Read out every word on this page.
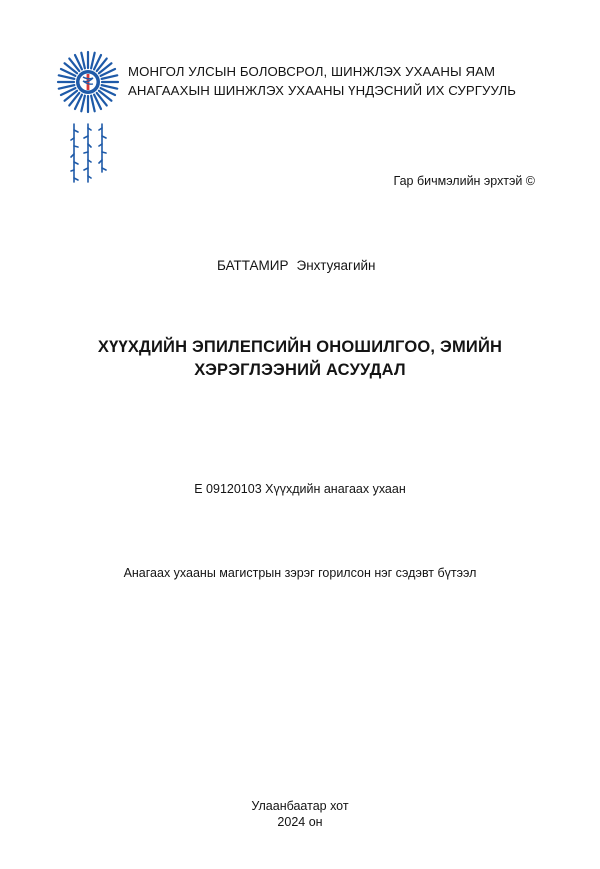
МОНГОЛ УЛСЫН БОЛОВСРОЛ, ШИНЖЛЭХ УХААНЫ ЯАМ
АНАГААХЫН ШИНЖЛЭХ УХААНЫ ҮНДЭСНИЙ ИХ СУРГУУЛЬ
Гар бичмэлийн эрхтэй ©
БАТТАМИР Энхтуяагийн
ХҮҮХДИЙН ЭПИЛЕПСИЙН ОНОШИЛГОО, ЭМИЙН
ХЭРЭГЛЭЭНИЙ АСУУДАЛ
E 09120103 Хүүхдийн анагаах ухаан
Анагаах ухааны магистрын зэрэг горилсон нэг сэдэвт бүтээл
Улаанбаатар хот
2024 он
